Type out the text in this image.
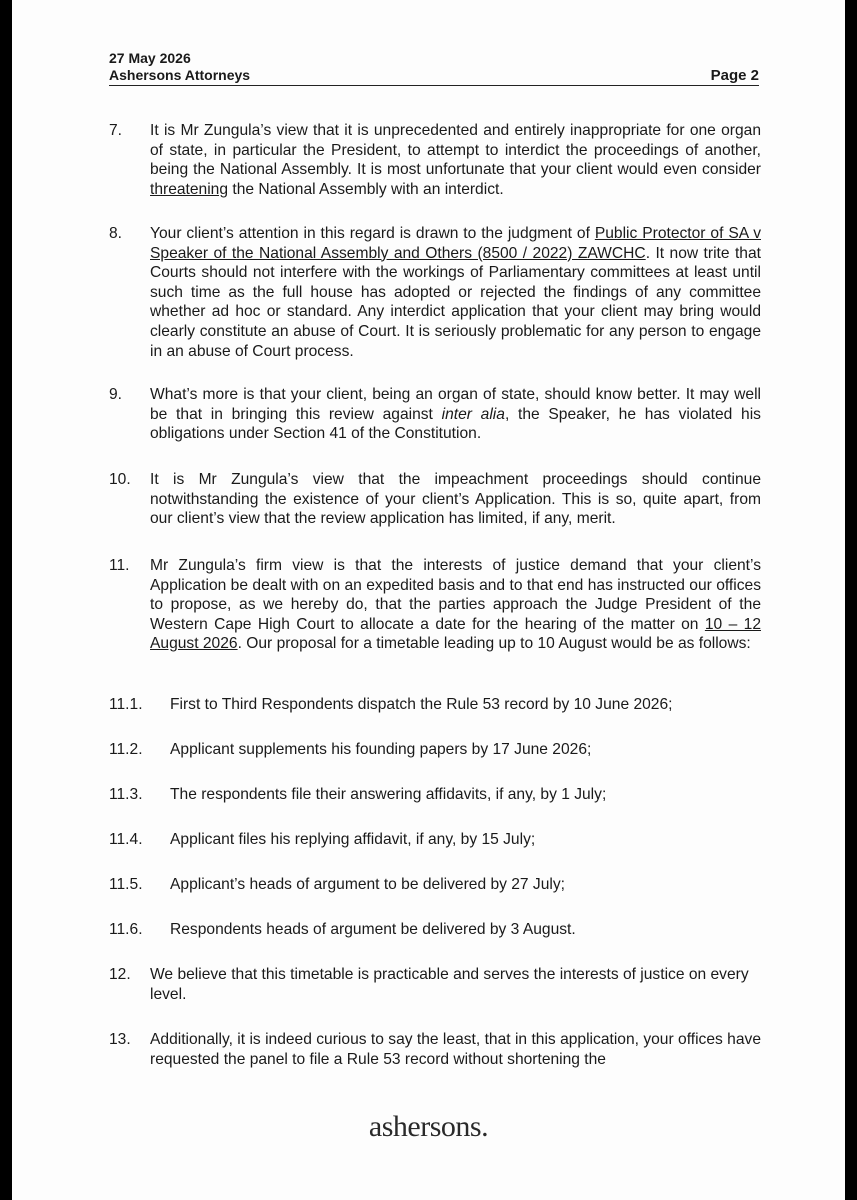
27 May 2026
Ashersons Attorneys	Page 2
7.	It is Mr Zungula’s view that it is unprecedented and entirely inappropriate for one organ of state, in particular the President, to attempt to interdict the proceedings of another, being the National Assembly. It is most unfortunate that your client would even consider threatening the National Assembly with an interdict.
8.	Your client’s attention in this regard is drawn to the judgment of Public Protector of SA v Speaker of the National Assembly and Others (8500 / 2022) ZAWCHC. It now trite that Courts should not interfere with the workings of Parliamentary committees at least until such time as the full house has adopted or rejected the findings of any committee whether ad hoc or standard. Any interdict application that your client may bring would clearly constitute an abuse of Court. It is seriously problematic for any person to engage in an abuse of Court process.
9.	What’s more is that your client, being an organ of state, should know better. It may well be that in bringing this review against inter alia, the Speaker, he has violated his obligations under Section 41 of the Constitution.
10.	It is Mr Zungula’s view that the impeachment proceedings should continue notwithstanding the existence of your client’s Application. This is so, quite apart, from our client’s view that the review application has limited, if any, merit.
11.	Mr Zungula’s firm view is that the interests of justice demand that your client’s Application be dealt with on an expedited basis and to that end has instructed our offices to propose, as we hereby do, that the parties approach the Judge President of the Western Cape High Court to allocate a date for the hearing of the matter on 10 – 12 August 2026. Our proposal for a timetable leading up to 10 August would be as follows:
11.1.	First to Third Respondents dispatch the Rule 53 record by 10 June 2026;
11.2.	Applicant supplements his founding papers by 17 June 2026;
11.3.	The respondents file their answering affidavits, if any, by 1 July;
11.4.	Applicant files his replying affidavit, if any, by 15 July;
11.5.	Applicant’s heads of argument to be delivered by 27 July;
11.6.	Respondents heads of argument be delivered by 3 August.
12.	We believe that this timetable is practicable and serves the interests of justice on every level.
13.	Additionally, it is indeed curious to say the least, that in this application, your offices have requested the panel to file a Rule 53 record without shortening the
ashersons.
